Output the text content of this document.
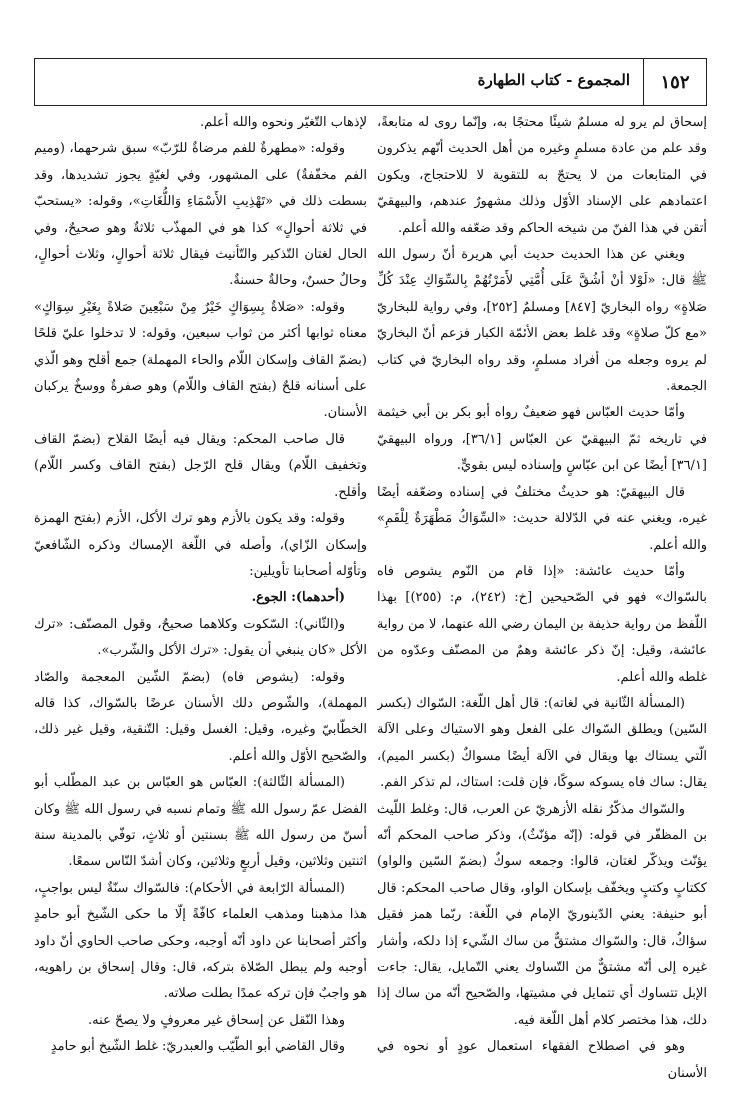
١٥٢
المجموع - كتاب الطهارة

إسحاق لم يرو له مسلمٌ شيئًا محتجًا به، وإنّما روى له متابعةً، وقد علم من عادة مسلمٍ وغيره من أهل الحديث أنّهم يذكرون في المتابعات من لا يحتجّ به للتقوية لا للاحتجاج، ويكون اعتمادهم على الإسناد الأوّل وذلك مشهورٌ عندهم، والبيهقيّ أتقن في هذا الفنّ من شيخه الحاكم وقد ضعّفه والله أعلم.

ويغني عن هذا الحديث حديث أبي هريرة أنّ رسول الله ﷺ قال: «لَوْلا أنْ أشُقَّ عَلَى أُمَّتِي لأَمَرْتُهُمْ بِالسِّوَاكِ عِنْدَ كُلِّ صَلاةٍ» رواه البخاريّ [٨٤٧] ومسلمٌ [٢٥٢]، وفي رواية للبخاريّ «مع كلّ صلاةٍ» وقد غلط بعض الأئمّة الكبار فزعم أنّ البخاريّ لم يروه وجعله من أفراد مسلمٍ، وقد رواه البخاريّ في كتاب الجمعة.

وأمّا حديث العبّاس فهو ضعيفٌ رواه أبو بكر بن أبي خيثمة في تاريخه ثمّ البيهقيّ عن العبّاس [٣٦/١]، ورواه البيهقيّ [٣٦/١] أيضًا عن ابن عبّاسٍ وإسناده ليس بقويٍّ.

قال البيهقيّ: هو حديثٌ مختلفٌ في إسناده وضعّفه أيضًا غيره، ويغني عنه في الدّلالة حديث: «السِّوَاكُ مَطْهَرَةٌ لِلْفَمِ» والله أعلم.

وأمّا حديث عائشة: «إذا قام من النّوم يشوص فاه بالسّواك» فهو في الصّحيحين [خ: (٢٤٢)، م: (٢٥٥)] بهذا اللّفظ من رواية حذيفة بن اليمان رضي الله عنهما، لا من رواية عائشة، وقيل: إنّ ذكر عائشة وهمٌ من المصنّف وعدّوه من غلطه والله أعلم.

(المسألة الثّانية في لغاته): قال أهل اللّغة: السّواك (بكسر السّين) ويطلق السّواك على الفعل وهو الاستياك وعلى الآلة الّتي يستاك بها ويقال في الآلة أيضًا مسواكٌ (بكسر الميم)، يقال: ساك فاه يسوكه سوكًا، فإن قلت: استاك، لم تذكر الفم.

والسّواك مذكّرٌ نقله الأزهريّ عن العرب، قال: وغلط اللّيث بن المظفّر في قوله: (إنّه مؤنّثٌ)، وذكر صاحب المحكم أنّه يؤنّث ويذكّر لغتان، قالوا: وجمعه سوكٌ (بضمّ السّين والواو) ككتابٍ وكتبٍ ويخفّف بإسكان الواو، وقال صاحب المحكم: قال أبو حنيفة: يعني الدّينوريّ الإمام في اللّغة: ربّما همز فقيل سؤاكٌ، قال: والسّواك مشتقٌّ من ساك الشّيء إذا دلكه، وأشار غيره إلى أنّه مشتقٌّ من التّساوك يعني التّمايل، يقال: جاءت الإبل تتساوك أي تتمايل في مشيتها، والصّحيح أنّه من ساك إذا دلك، هذا مختصر كلام أهل اللّغة فيه.

وهو في اصطلاح الفقهاء استعمال عودٍ أو نحوه في الأسنان

لإذهاب التّغيّر ونحوه والله أعلم.

وقوله: «مطهرةٌ للفم مرضاةٌ للرّبّ» سبق شرحهما، (وميم الفم مخفّفةٌ) على المشهور، وفي لغيّةٍ يجوز تشديدها، وقد بسطت ذلك في «تَهْذِيبِ الأَسْمَاءِ وَاللُّغَاتِ»، وقوله: «يستحبّ في ثلاثة أحوالٍ» كذا هو في المهذّب ثلاثةٌ وهو صحيحٌ، وفي الحال لغتان التّذكير والتّأنيث فيقال ثلاثة أحوالٍ، وثلاث أحوالٍ، وحالٌ حسنٌ، وحالةٌ حسنةٌ.

وقوله: «صَلاةٌ بِسِوَاكٍ خَيْرٌ مِنْ سَبْعِينَ صَلاةً بِغَيْرِ سِوَاكٍ» معناه ثوابها أكثر من ثواب سبعين، وقوله: لا تدخلوا عليّ قلحًا (بضمّ القاف وإسكان اللّام والحاء المهملة) جمع أقلح وهو الّذي على أسنانه قلحٌ (بفتح القاف واللّام) وهو صفرةٌ ووسخٌ يركبان الأسنان.

قال صاحب المحكم: ويقال فيه أيضًا القلاح (بضمّ القاف وتخفيف اللّام) ويقال قلح الرّجل (بفتح القاف وكسر اللّام) وأقلح.

وقوله: وقد يكون بالأزم وهو ترك الأكل، الأزم (بفتح الهمزة وإسكان الزّاي)، وأصله في اللّغة الإمساك وذكره الشّافعيّ وتأوّله أصحابنا تأويلين:

(أحدهما): الجوع.

و(الثّاني): السّكوت وكلاهما صحيحٌ، وقول المصنّف: «ترك الأكل «كان ينبغي أن يقول: «ترك الأكل والشّرب».

وقوله: (يشوص فاه) (بضمّ الشّين المعجمة والصّاد المهملة)، والشّوص دلك الأسنان عرضًا بالسّواك، كذا قاله الخطّابيّ وغيره، وقيل: الغسل وقيل: التّنقية، وقيل غير ذلك، والصّحيح الأوّل والله أعلم.

(المسألة الثّالثة): العبّاس هو العبّاس بن عبد المطّلب أبو الفضل عمّ رسول الله ﷺ وتمام نسبه في رسول الله ﷺ وكان أسنّ من رسول الله ﷺ بسنتين أو ثلاثٍ، توفّي بالمدينة سنة اثنتين وثلاثين، وقيل أربعٍ وثلاثين، وكان أشدّ النّاس سمعًا.

(المسألة الرّابعة في الأحكام): فالسّواك سنّةٌ ليس بواجبٍ، هذا مذهبنا ومذهب العلماء كافّةً إلّا ما حكى الشّيخ أبو حامدٍ وأكثر أصحابنا عن داود أنّه أوجبه، وحكى صاحب الحاوي أنّ داود أوجبه ولم يبطل الصّلاة بتركه، قال: وقال إسحاق بن راهويه، هو واجبٌ فإن تركه عمدًا بطلت صلاته.

وهذا النّقل عن إسحاق غير معروفٍ ولا يصحّ عنه.

وقال القاضي أبو الطّيّب والعبدريّ: غلط الشّيخ أبو حامدٍ
